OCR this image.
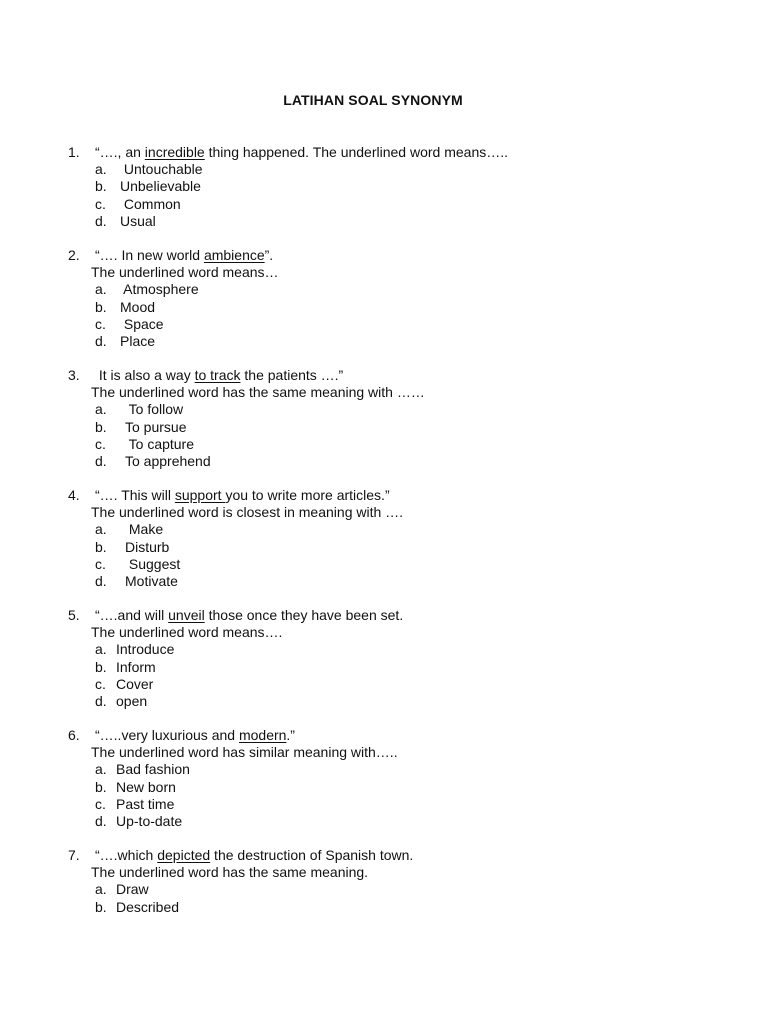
LATIHAN SOAL SYNONYM
1. “…., an incredible thing happened. The underlined word means…..
a. Untouchable
b. Unbelievable
c. Common
d. Usual
2. “…. In new world ambience”.
The underlined word means…
a. Atmosphere
b. Mood
c. Space
d. Place
3. It is also a way to track the patients ….”
The underlined word has the same meaning with ……
a. To follow
b. To pursue
c. To capture
d. To apprehend
4. “…. This will support you to write more articles.”
The underlined word is closest in meaning with ….
a. Make
b. Disturb
c. Suggest
d. Motivate
5. “….and will unveil those once they have been set.
The underlined word means….
a. Introduce
b. Inform
c. Cover
d. open
6. “…..very luxurious and modern.”
The underlined word has similar meaning with…..
a. Bad fashion
b. New born
c. Past time
d. Up-to-date
7. “….which depicted the destruction of Spanish town.
The underlined word has the same meaning.
a. Draw
b. Described
